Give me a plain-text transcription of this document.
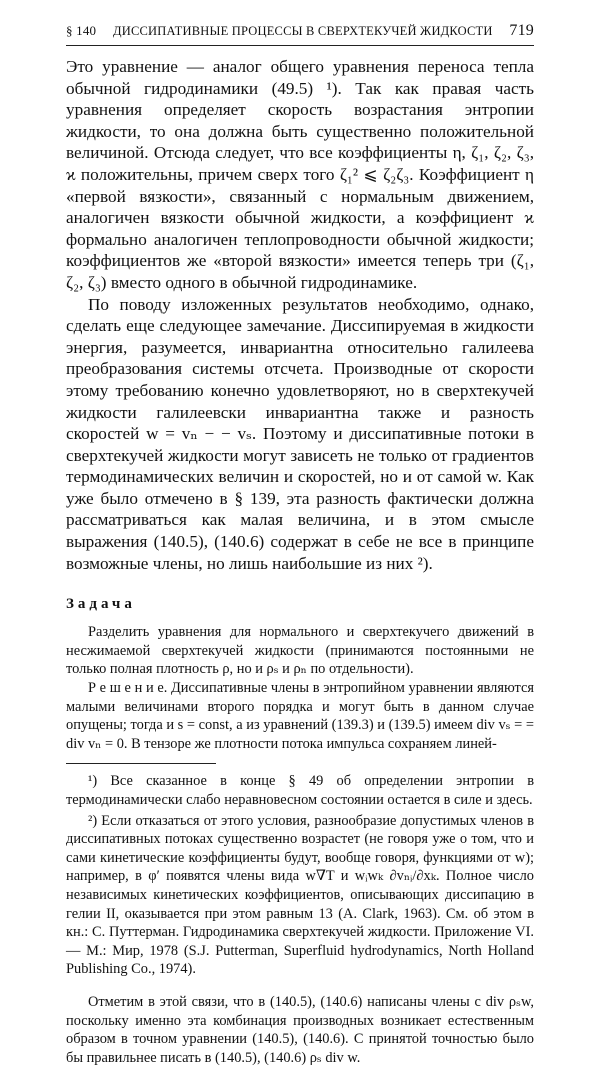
§ 140 ДИССИПАТИВНЫЕ ПРОЦЕССЫ В СВЕРХТЕКУЧЕЙ ЖИДКОСТИ 719

Это уравнение — аналог общего уравнения переноса тепла обычной гидродинамики (49.5) ¹). Так как правая часть уравнения определяет скорость возрастания энтропии жидкости, то она должна быть существенно положительной величиной. Отсюда следует, что все коэффициенты η, ζ₁, ζ₂, ζ₃, ϰ положительны, причем сверх того ζ₁² ⩽ ζ₂ζ₃. Коэффициент η «первой вязкости», связанный с нормальным движением, аналогичен вязкости обычной жидкости, а коэффициент ϰ формально аналогичен теплопроводности обычной жидкости; коэффициентов же «второй вязкости» имеется теперь три (ζ₁, ζ₂, ζ₃) вместо одного в обычной гидродинамике.

По поводу изложенных результатов необходимо, однако, сделать еще следующее замечание. Диссипируемая в жидкости энергия, разумеется, инвариантна относительно галилеева преобразования системы отсчета. Производные от скорости этому требованию конечно удовлетворяют, но в сверхтекучей жидкости галилеевски инвариантна также и разность скоростей w = vₙ − − vₛ. Поэтому и диссипативные потоки в сверхтекучей жидкости могут зависеть не только от градиентов термодинамических величин и скоростей, но и от самой w. Как уже было отмечено в § 139, эта разность фактически должна рассматриваться как малая величина, и в этом смысле выражения (140.5), (140.6) содержат в себе не все в принципе возможные члены, но лишь наибольшие из них ²).

Задача

Разделить уравнения для нормального и сверхтекучего движений в несжимаемой сверхтекучей жидкости (принимаются постоянными не только полная плотность ρ, но и ρₛ и ρₙ по отдельности).

Р е ш е н и е. Диссипативные члены в энтропийном уравнении являются малыми величинами второго порядка и могут быть в данном случае опущены; тогда и s = const, а из уравнений (139.3) и (139.5) имеем div vₛ = = div vₙ = 0. В тензоре же плотности потока импульса сохраняем линей-

¹) Все сказанное в конце § 49 об определении энтропии в термодинамически слабо неравновесном состоянии остается в силе и здесь.

²) Если отказаться от этого условия, разнообразие допустимых членов в диссипативных потоках существенно возрастет (не говоря уже о том, что и сами кинетические коэффициенты будут, вообще говоря, функциями от w); например, в φ′ появятся члены вида w∇T и wᵢwₖ ∂vₙᵢ/∂xₖ. Полное число независимых кинетических коэффициентов, описывающих диссипацию в гелии II, оказывается при этом равным 13 (A. Clark, 1963). См. об этом в кн.: С. Путтерман. Гидродинамика сверхтекучей жидкости. Приложение VI. — М.: Мир, 1978 (S.J. Putterman, Superfluid hydrodynamics, North Holland Publishing Co., 1974).

Отметим в этой связи, что в (140.5), (140.6) написаны члены с div ρₛw, поскольку именно эта комбинация производных возникает естественным образом в точном уравнении (140.5), (140.6). С принятой точностью было бы правильнее писать в (140.5), (140.6) ρₛ div w.
